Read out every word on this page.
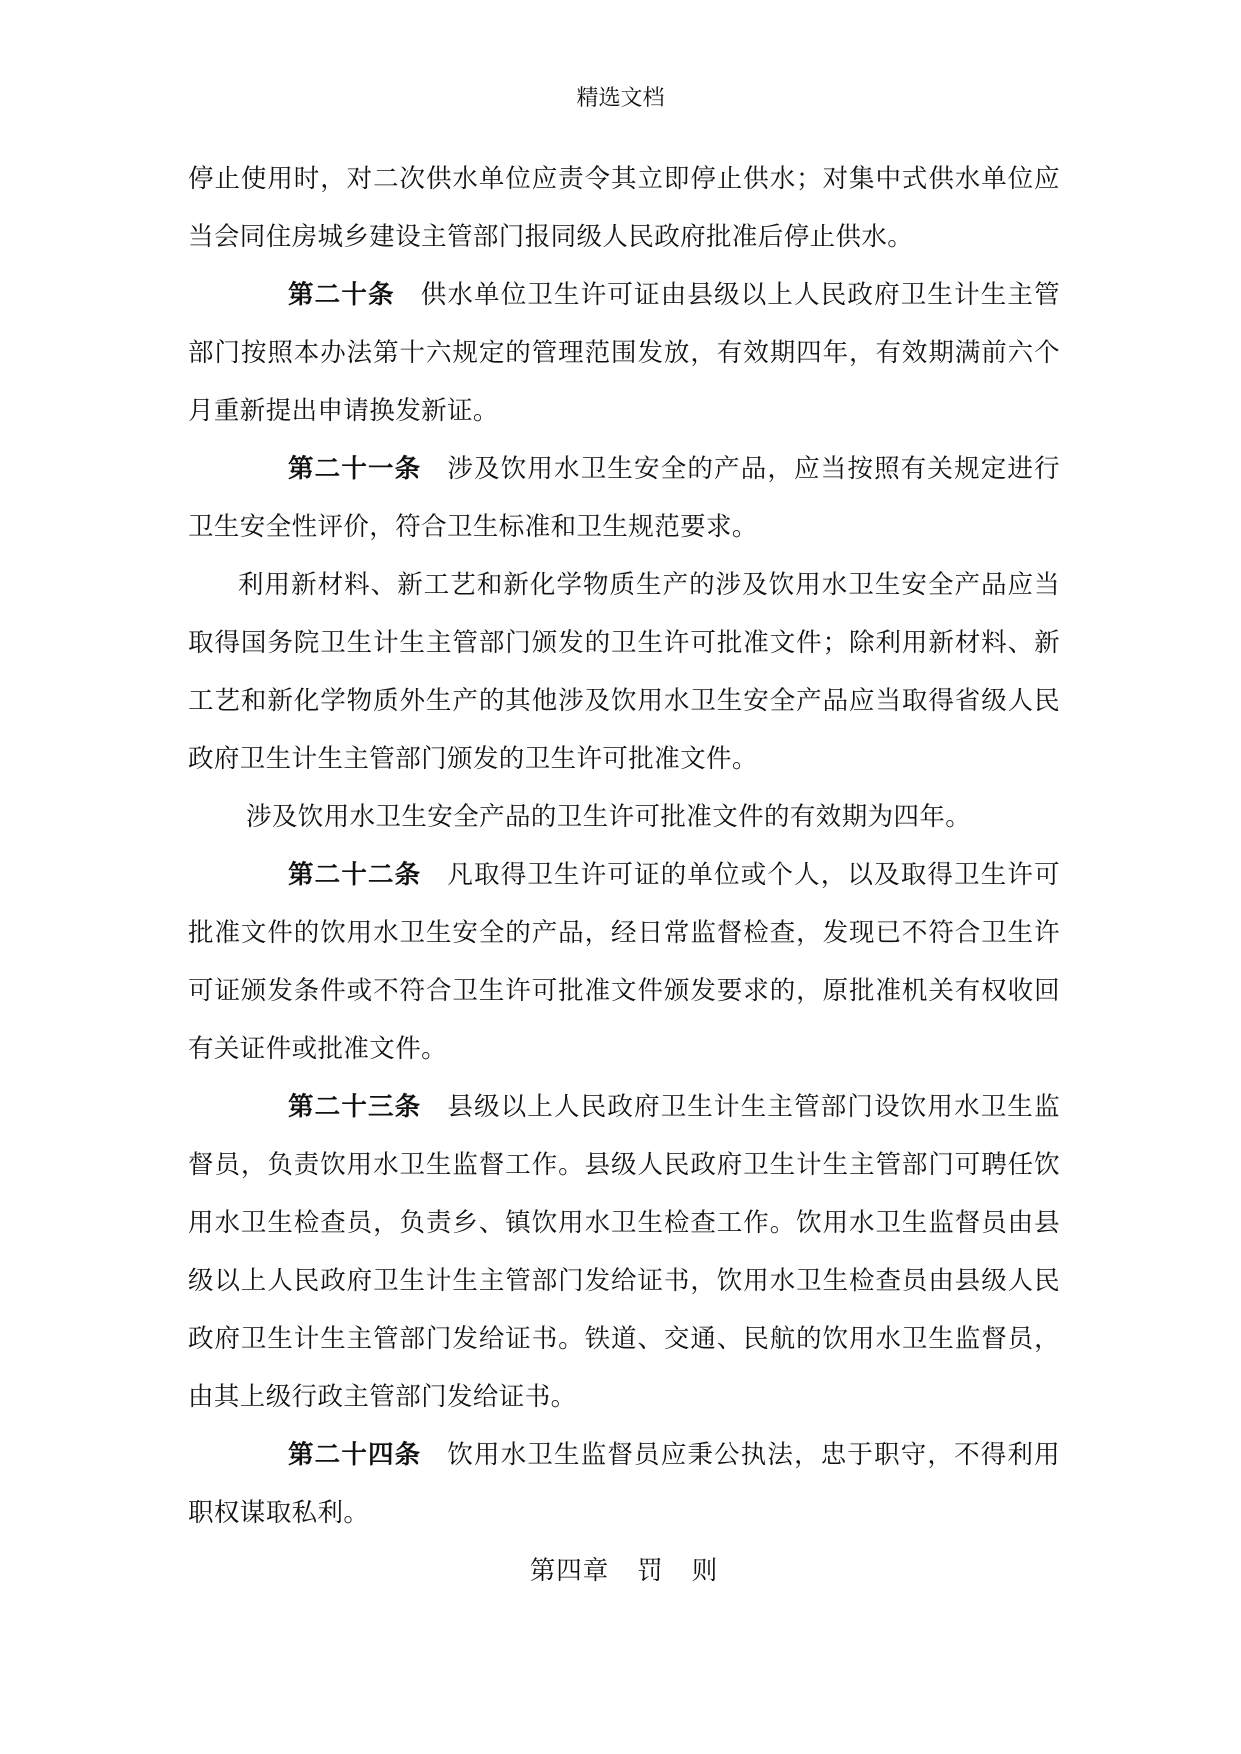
精选文档

停止使用时，对二次供水单位应责令其立即停止供水；对集中式供水单位应当会同住房城乡建设主管部门报同级人民政府批准后停止供水。

第二十条 供水单位卫生许可证由县级以上人民政府卫生计生主管部门按照本办法第十六规定的管理范围发放，有效期四年，有效期满前六个月重新提出申请换发新证。

第二十一条 涉及饮用水卫生安全的产品，应当按照有关规定进行卫生安全性评价，符合卫生标准和卫生规范要求。

利用新材料、新工艺和新化学物质生产的涉及饮用水卫生安全产品应当取得国务院卫生计生主管部门颁发的卫生许可批准文件；除利用新材料、新工艺和新化学物质外生产的其他涉及饮用水卫生安全产品应当取得省级人民政府卫生计生主管部门颁发的卫生许可批准文件。

涉及饮用水卫生安全产品的卫生许可批准文件的有效期为四年。

第二十二条 凡取得卫生许可证的单位或个人，以及取得卫生许可批准文件的饮用水卫生安全的产品，经日常监督检查，发现已不符合卫生许可证颁发条件或不符合卫生许可批准文件颁发要求的，原批准机关有权收回有关证件或批准文件。

第二十三条 县级以上人民政府卫生计生主管部门设饮用水卫生监督员，负责饮用水卫生监督工作。县级人民政府卫生计生主管部门可聘任饮用水卫生检查员，负责乡、镇饮用水卫生检查工作。饮用水卫生监督员由县级以上人民政府卫生计生主管部门发给证书，饮用水卫生检查员由县级人民政府卫生计生主管部门发给证书。铁道、交通、民航的饮用水卫生监督员，由其上级行政主管部门发给证书。

第二十四条 饮用水卫生监督员应秉公执法，忠于职守，不得利用职权谋取私利。

第四章 罚 则
